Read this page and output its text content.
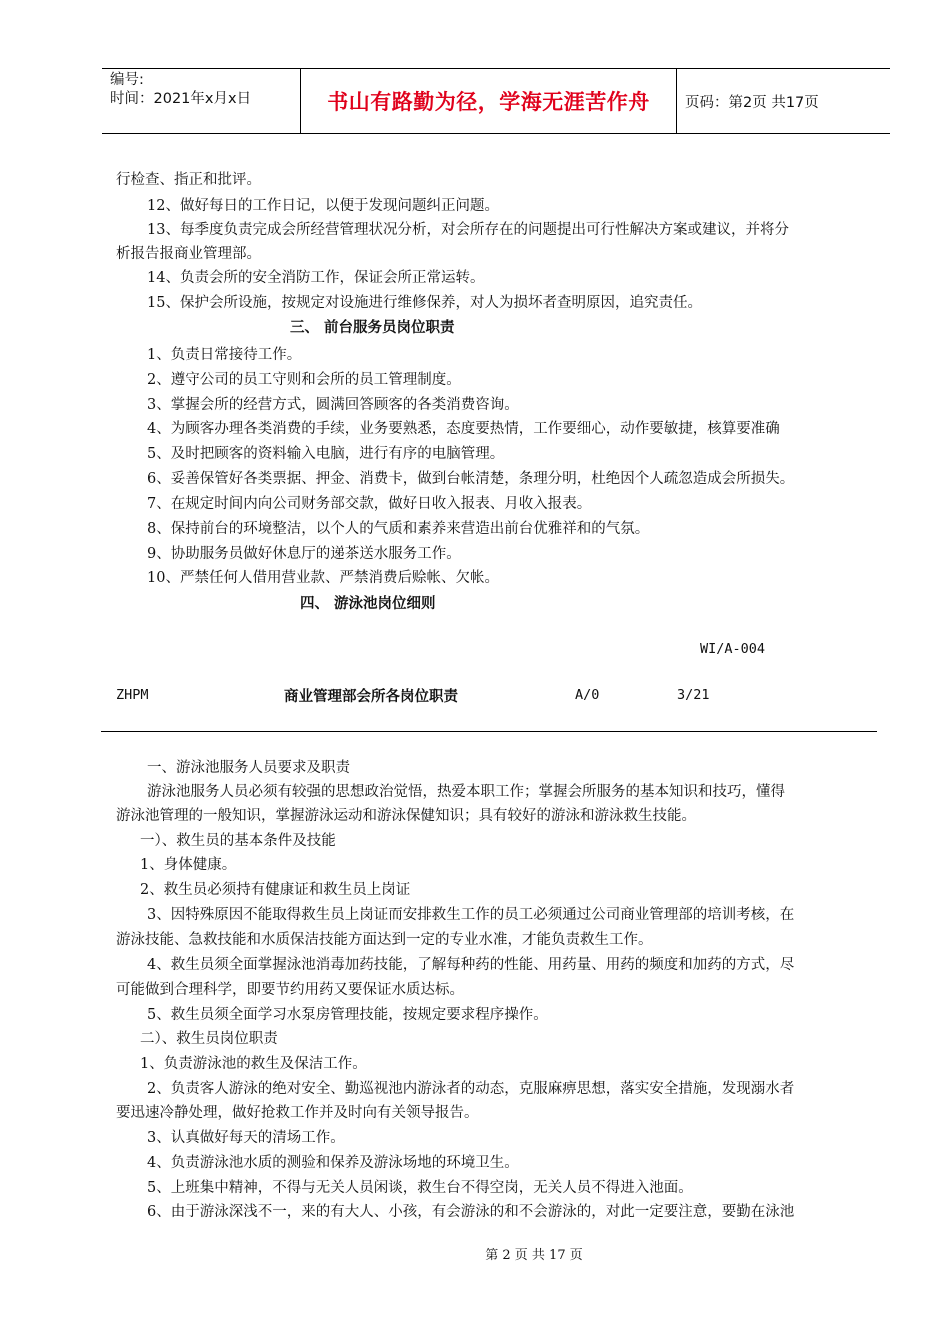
编号:
时间：2021年x月x日	书山有路勤为径，学海无涯苦作舟	页码：第2页 共17页
行检查、指正和批评。
12、做好每日的工作日记，以便于发现问题纠正问题。
13、每季度负责完成会所经营管理状况分析，对会所存在的问题提出可行性解决方案或建议，并将分
析报告报商业管理部。
14、负责会所的安全消防工作，保证会所正常运转。
15、保护会所设施，按规定对设施进行维修保养，对人为损坏者查明原因，追究责任。
三、 前台服务员岗位职责
1、负责日常接待工作。
2、遵守公司的员工守则和会所的员工管理制度。
3、掌握会所的经营方式，圆满回答顾客的各类消费咨询。
4、为顾客办理各类消费的手续，业务要熟悉，态度要热情，工作要细心，动作要敏捷，核算要准确
5、及时把顾客的资料输入电脑，进行有序的电脑管理。
6、妥善保管好各类票据、押金、消费卡，做到台帐清楚，条理分明，杜绝因个人疏忽造成会所损失。
7、在规定时间内向公司财务部交款，做好日收入报表、月收入报表。
8、保持前台的环境整洁，以个人的气质和素养来营造出前台优雅祥和的气氛。
9、协助服务员做好休息厅的递茶送水服务工作。
10、严禁任何人借用营业款、严禁消费后赊帐、欠帐。
四、 游泳池岗位细则
WI/A-004
ZHPM	商业管理部会所各岗位职责	A/0	3/21
一、游泳池服务人员要求及职责
游泳池服务人员必须有较强的思想政治觉悟，热爱本职工作；掌握会所服务的基本知识和技巧，懂得
游泳池管理的一般知识，掌握游泳运动和游泳保健知识；具有较好的游泳和游泳救生技能。
一）、救生员的基本条件及技能
1、身体健康。
2、救生员必须持有健康证和救生员上岗证
3、因特殊原因不能取得救生员上岗证而安排救生工作的员工必须通过公司商业管理部的培训考核，在
游泳技能、急救技能和水质保洁技能方面达到一定的专业水准，才能负责救生工作。
4、救生员须全面掌握泳池消毒加药技能，了解每种药的性能、用药量、用药的频度和加药的方式，尽
可能做到合理科学，即要节约用药又要保证水质达标。
5、救生员须全面学习水泵房管理技能，按规定要求程序操作。
二）、救生员岗位职责
1、负责游泳池的救生及保洁工作。
2、负责客人游泳的绝对安全、勤巡视池内游泳者的动态，克服麻痹思想，落实安全措施，发现溺水者
要迅速冷静处理，做好抢救工作并及时向有关领导报告。
3、认真做好每天的清场工作。
4、负责游泳池水质的测验和保养及游泳场地的环境卫生。
5、上班集中精神，不得与无关人员闲谈，救生台不得空岗，无关人员不得进入池面。
6、由于游泳深浅不一，来的有大人、小孩，有会游泳的和不会游泳的，对此一定要注意，要勤在泳池
第 2 页 共 17 页
